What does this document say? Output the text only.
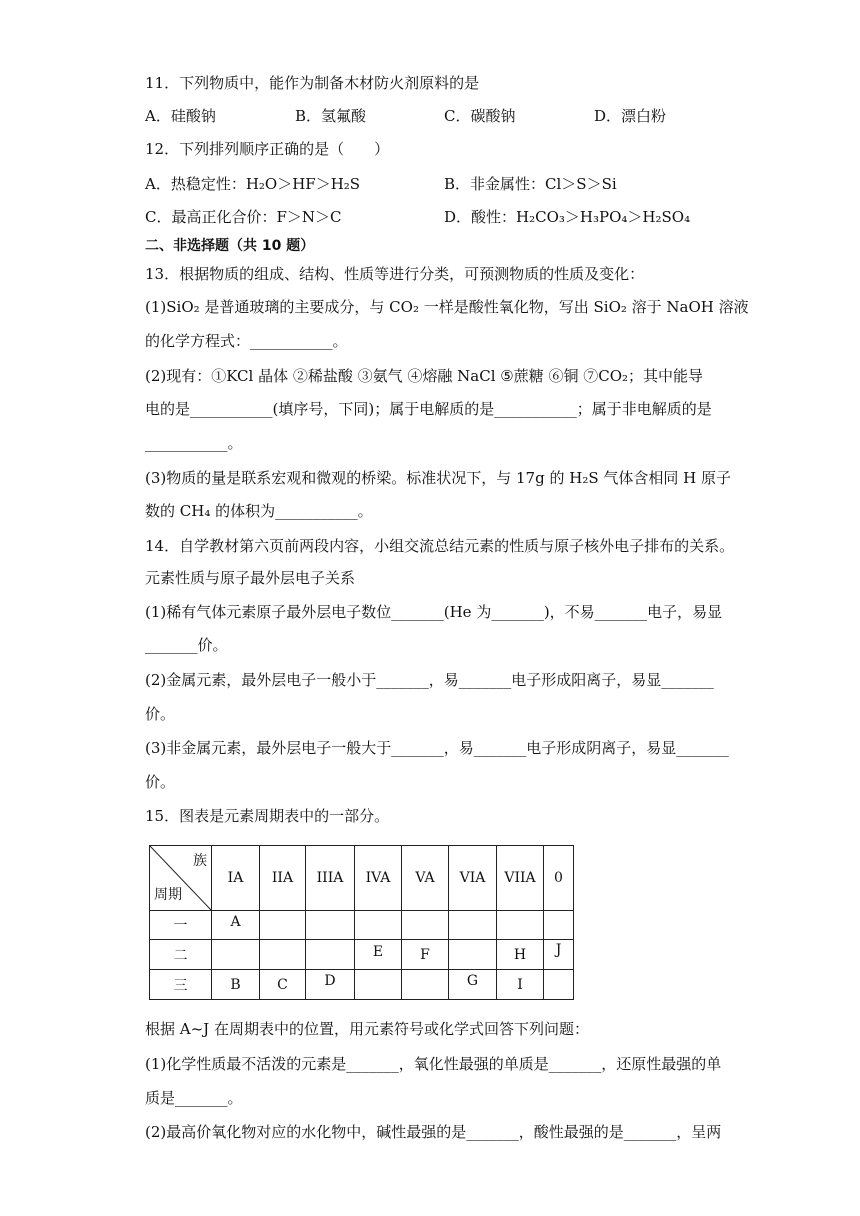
11．下列物质中，能作为制备木材防火剂原料的是
A．硅酸钠	B．氢氟酸	C．碳酸钠	D．漂白粉
12．下列排列顺序正确的是（　　）
A．热稳定性：H₂O＞HF＞H₂S	B．非金属性：Cl＞S＞Si
C．最高正化合价：F＞N＞C	D．酸性：H₂CO₃＞H₃PO₄＞H₂SO₄
二、非选择题（共 10 题）
13．根据物质的组成、结构、性质等进行分类，可预测物质的性质及变化：
(1)SiO₂ 是普通玻璃的主要成分，与 CO₂ 一样是酸性氧化物，写出 SiO₂ 溶于 NaOH 溶液
的化学方程式：___________。
(2)现有：①KCl 晶体 ②稀盐酸 ③氨气 ④熔融 NaCl ⑤蔗糖 ⑥铜 ⑦CO₂；其中能导
电的是___________(填序号，下同)；属于电解质的是___________；属于非电解质的是
___________。
(3)物质的量是联系宏观和微观的桥梁。标准状况下，与 17g 的 H₂S 气体含相同 H 原子
数的 CH₄ 的体积为___________。
14．自学教材第六页前两段内容，小组交流总结元素的性质与原子核外电子排布的关系。
元素性质与原子最外层电子关系
(1)稀有气体元素原子最外层电子数位_______(He 为_______)，不易_______电子，易显
_______价。
(2)金属元素，最外层电子一般小于_______，易_______电子形成阳离子，易显_______
价。
(3)非金属元素，最外层电子一般大于_______，易_______电子形成阴离子，易显_______
价。
15．图表是元素周期表中的一部分。
族
周期	IA	IIA	IIIA	IVA	VA	VIA	VIIA	0
一	A							
二				E	F		H	J
三	B	C	D			G	I	
根据 A~J 在周期表中的位置，用元素符号或化学式回答下列问题：
(1)化学性质最不活泼的元素是_______，氧化性最强的单质是_______，还原性最强的单
质是_______。
(2)最高价氧化物对应的水化物中，碱性最强的是_______，酸性最强的是_______，呈两
